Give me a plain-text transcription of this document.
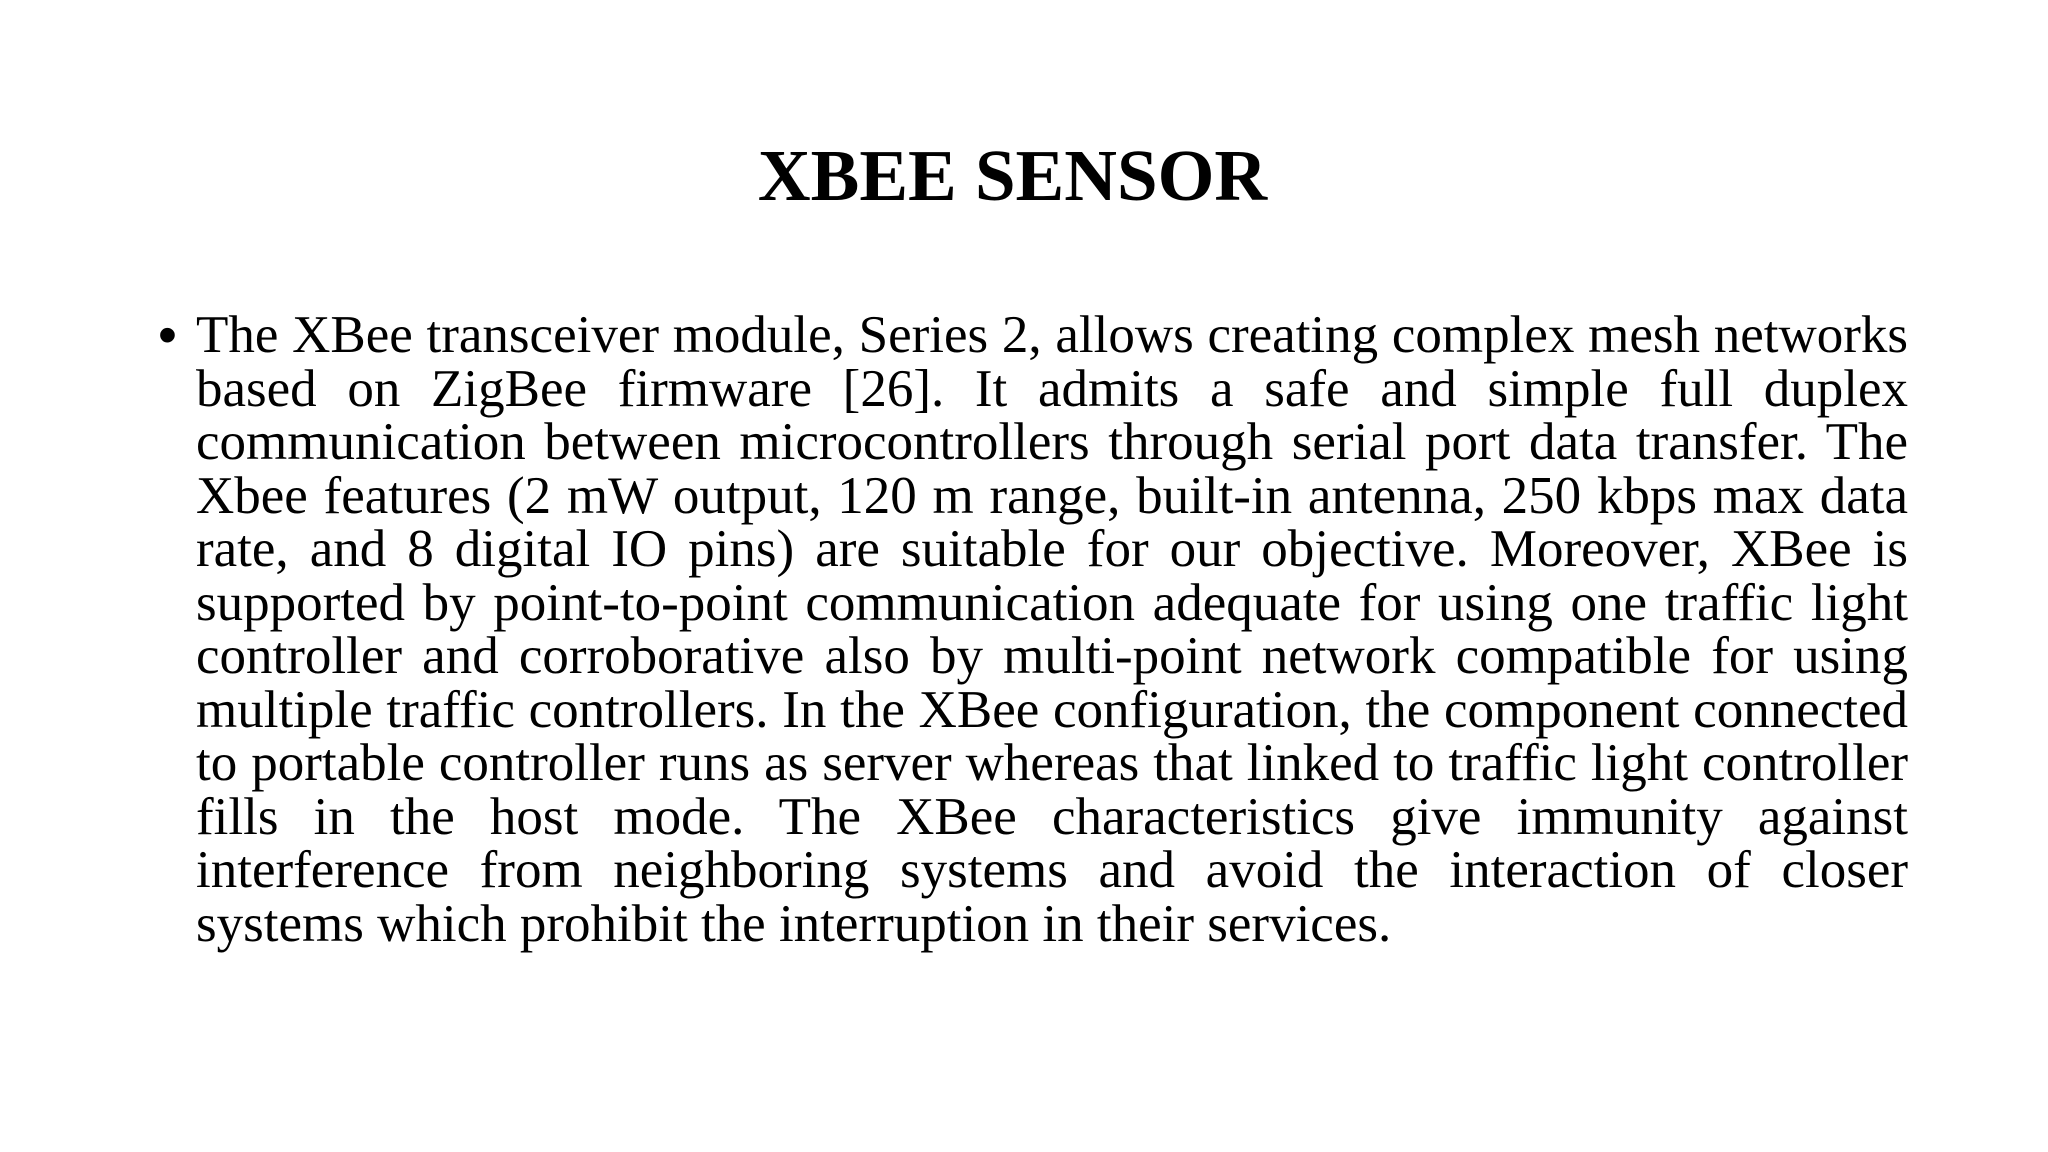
XBEE SENSOR
• The XBee transceiver module, Series 2, allows creating complex mesh networks based on ZigBee firmware [26]. It admits a safe and simple full duplex communication between microcontrollers through serial port data transfer. The Xbee features (2 mW output, 120 m range, built-in antenna, 250 kbps max data rate, and 8 digital IO pins) are suitable for our objective. Moreover, XBee is supported by point-to-point communication adequate for using one traffic light controller and corroborative also by multi-point network compatible for using multiple traffic controllers. In the XBee configuration, the component connected to portable controller runs as server whereas that linked to traffic light controller fills in the host mode. The XBee characteristics give immunity against interference from neighboring systems and avoid the interaction of closer systems which prohibit the interruption in their services.
